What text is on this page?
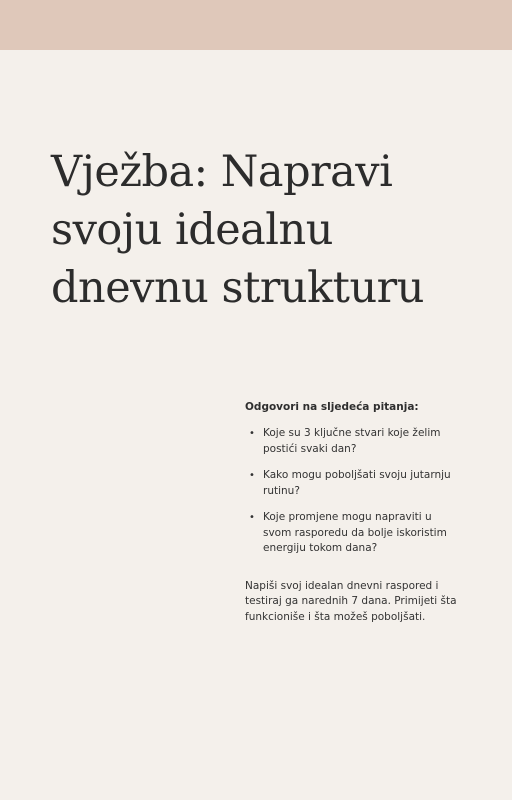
Vježba: Napravi svoju idealnu dnevnu strukturu

Odgovori na sljedeća pitanja:

• Koje su 3 ključne stvari koje želim postići svaki dan?
• Kako mogu poboljšati svoju jutarnju rutinu?
• Koje promjene mogu napraviti u svom rasporedu da bolje iskoristim energiju tokom dana?

Napiši svoj idealan dnevni raspored i testiraj ga narednih 7 dana. Primijeti šta funkcioniše i šta možeš poboljšati.
